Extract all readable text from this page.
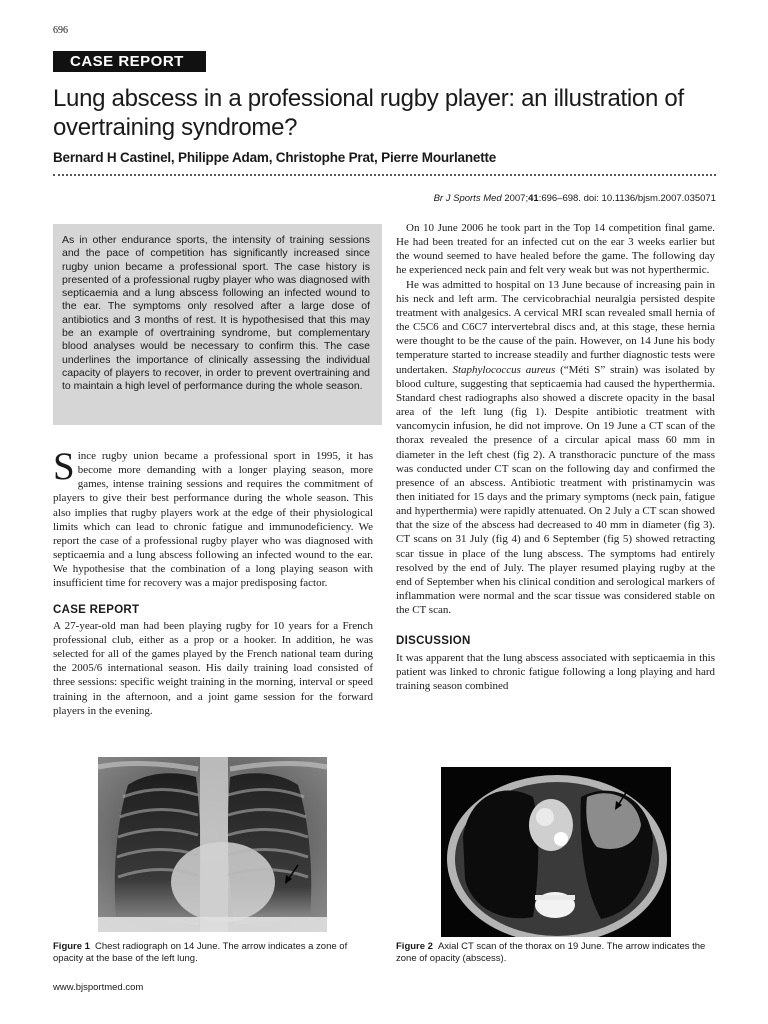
696
CASE REPORT
Lung abscess in a professional rugby player: an illustration of overtraining syndrome?
Bernard H Castinel, Philippe Adam, Christophe Prat, Pierre Mourlanette
Br J Sports Med 2007;41:696–698. doi: 10.1136/bjsm.2007.035071
As in other endurance sports, the intensity of training sessions and the pace of competition has significantly increased since rugby union became a professional sport. The case history is presented of a professional rugby player who was diagnosed with septicaemia and a lung abscess following an infected wound to the ear. The symptoms only resolved after a large dose of antibiotics and 3 months of rest. It is hypothesised that this may be an example of overtraining syndrome, but complementary blood analyses would be necessary to confirm this. The case underlines the importance of clinically assessing the individual capacity of players to recover, in order to prevent overtraining and to maintain a high level of performance during the whole season.

Since rugby union became a professional sport in 1995, it has become more demanding with a longer playing season, more games, intense training sessions and requires the commitment of players to give their best performance during the whole season. This also implies that rugby players work at the edge of their physiological limits which can lead to chronic fatigue and immunodeficiency. We report the case of a professional rugby player who was diagnosed with septicaemia and a lung abscess following an infected wound to the ear. We hypothesise that the combination of a long playing season with insufficient time for recovery was a major predisposing factor.

CASE REPORT

A 27-year-old man had been playing rugby for 10 years for a French professional club, either as a prop or a hooker. In addition, he was selected for all of the games played by the French national team during the 2005/6 international season. His daily training load consisted of three sessions: specific weight training in the morning, interval or speed training in the afternoon, and a joint game session for the forward players in the evening.

On 10 June 2006 he took part in the Top 14 competition final game. He had been treated for an infected cut on the ear 3 weeks earlier but the wound seemed to have healed before the game. The following day he experienced neck pain and felt very weak but was not hyperthermic.

He was admitted to hospital on 13 June because of increasing pain in his neck and left arm. The cervicobrachial neuralgia persisted despite treatment with analgesics. A cervical MRI scan revealed small hernia of the C5C6 and C6C7 intervertebral discs and, at this stage, these hernia were thought to be the cause of the pain. However, on 14 June his body temperature started to increase steadily and further diagnostic tests were undertaken. Staphylococcus aureus (“Méti S” strain) was isolated by blood culture, suggesting that septicaemia had caused the hyperthermia. Standard chest radiographs also showed a discrete opacity in the basal area of the left lung (fig 1). Despite antibiotic treatment with vancomycin infusion, he did not improve. On 19 June a CT scan of the thorax revealed the presence of a circular apical mass 60 mm in diameter in the left chest (fig 2). A transthoracic puncture of the mass was conducted under CT scan on the following day and confirmed the presence of an abscess. Antibiotic treatment with pristinamycin was then initiated for 15 days and the primary symptoms (neck pain, fatigue and hyperthermia) were rapidly attenuated. On 2 July a CT scan showed that the size of the abscess had decreased to 40 mm in diameter (fig 3). CT scans on 31 July (fig 4) and 6 September (fig 5) showed retracting scar tissue in place of the lung abscess. The symptoms had entirely resolved by the end of July. The player resumed playing rugby at the end of September when his clinical condition and serological markers of inflammation were normal and the scar tissue was considered stable on the CT scan.

DISCUSSION

It was apparent that the lung abscess associated with septicaemia in this patient was linked to chronic fatigue following a long playing and hard training season combined

Figure 1 Chest radiograph on 14 June. The arrow indicates a zone of opacity at the base of the left lung.
Figure 2 Axial CT scan of the thorax on 19 June. The arrow indicates the zone of opacity (abscess).
www.bjsportmed.com
